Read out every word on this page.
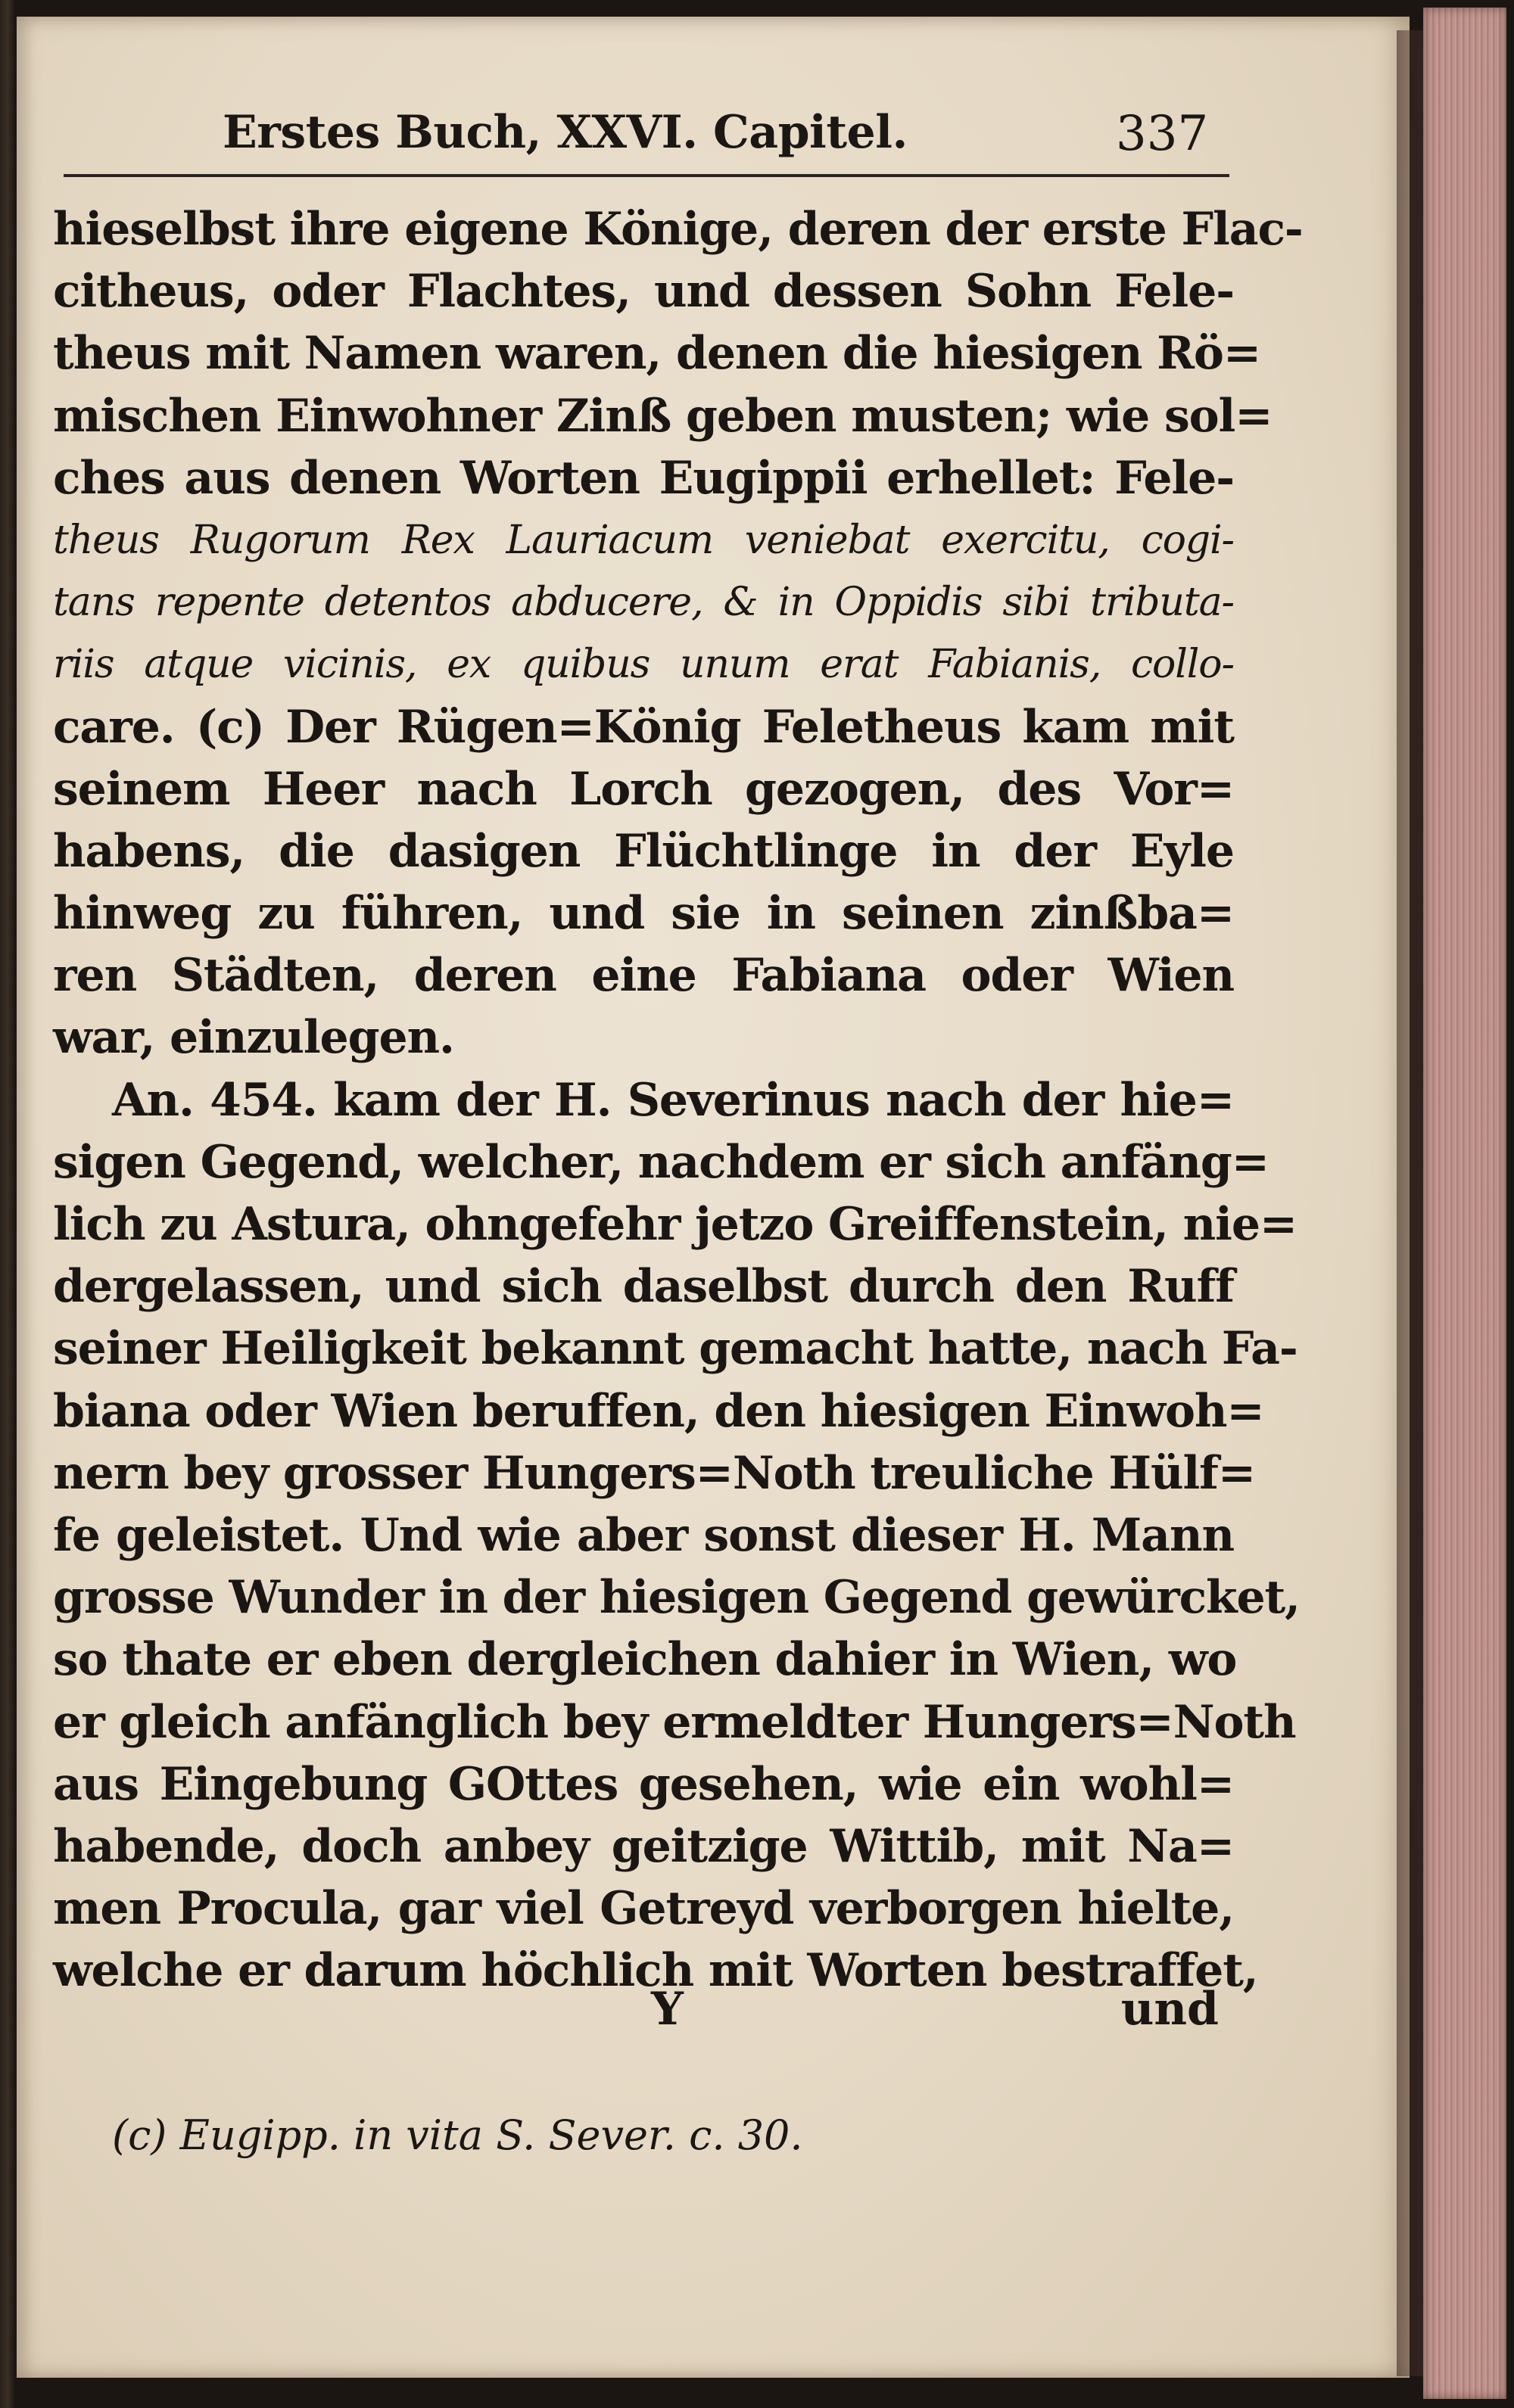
Erstes Buch, XXVI. Capitel.	337
hieselbst ihre eigene Könige, deren der erste Flac-
citheus, oder Flachtes, und dessen Sohn Fele-
theus mit Namen waren, denen die hiesigen Rö=
mischen Einwohner Zinß geben musten; wie sol=
ches aus denen Worten Eugippii erhellet: Fele-
theus Rugorum Rex Lauriacum veniebat exercitu, cogi-
tans repente detentos abducere, & in Oppidis sibi tributa-
riis atque vicinis, ex quibus unum erat Fabianis, collo-
care. (c) Der Rügen=König Feletheus kam mit
seinem Heer nach Lorch gezogen, des Vor=
habens, die dasigen Flüchtlinge in der Eyle
hinweg zu führen, und sie in seinen zinßba=
ren Städten, deren eine Fabiana oder Wien
war, einzulegen.
An. 454. kam der H. Severinus nach der hie=
sigen Gegend, welcher, nachdem er sich anfäng=
lich zu Astura, ohngefehr jetzo Greiffenstein, nie=
dergelassen, und sich daselbst durch den Ruff
seiner Heiligkeit bekannt gemacht hatte, nach Fa-
biana oder Wien beruffen, den hiesigen Einwoh=
nern bey grosser Hungers=Noth treuliche Hülf=
fe geleistet. Und wie aber sonst dieser H. Mann
grosse Wunder in der hiesigen Gegend gewürcket,
so thate er eben dergleichen dahier in Wien, wo
er gleich anfänglich bey ermeldter Hungers=Noth
aus Eingebung GOttes gesehen, wie ein wohl=
habende, doch anbey geitzige Wittib, mit Na=
men Procula, gar viel Getreyd verborgen hielte,
welche er darum höchlich mit Worten bestraffet,
Y	und
(c) Eugipp. in vita S. Sever. c. 30.
